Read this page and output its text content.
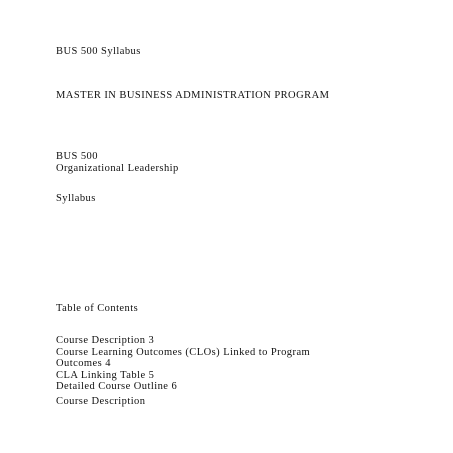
BUS 500 Syllabus
MASTER IN BUSINESS ADMINISTRATION PROGRAM
BUS 500
Organizational Leadership
Syllabus
Table of Contents
Course Description 3
Course Learning Outcomes (CLOs) Linked to Program
Outcomes 4
CLA Linking Table 5
Detailed Course Outline 6
Course Description
